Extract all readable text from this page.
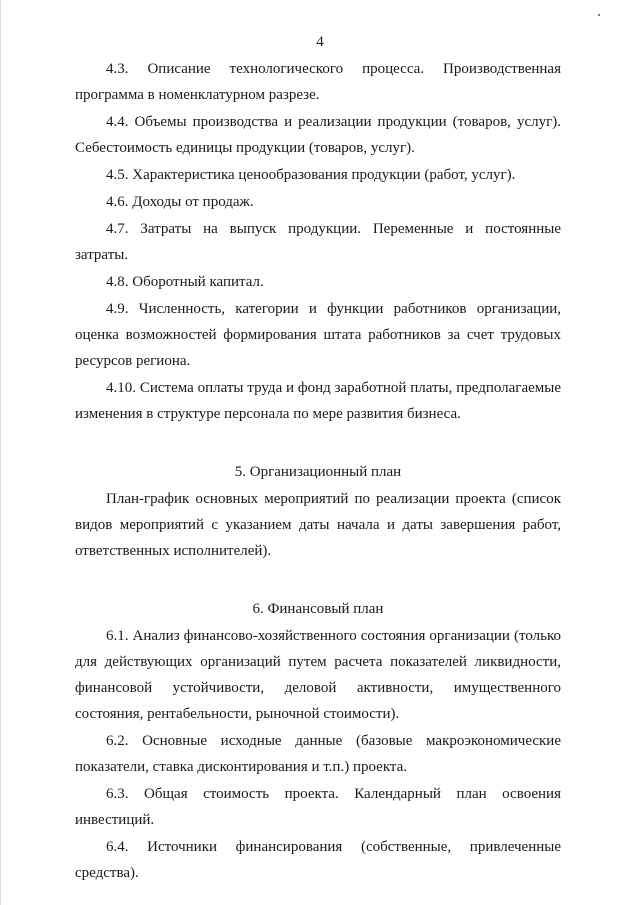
4

4.3. Описание технологического процесса. Производственная программа в номенклатурном разрезе.

4.4. Объемы производства и реализации продукции (товаров, услуг). Себестоимость единицы продукции (товаров, услуг).

4.5. Характеристика ценообразования продукции (работ, услуг).

4.6. Доходы от продаж.

4.7. Затраты на выпуск продукции. Переменные и постоянные затраты.

4.8. Оборотный капитал.

4.9. Численность, категории и функции работников организации, оценка возможностей формирования штата работников за счет трудовых ресурсов региона.

4.10. Система оплаты труда и фонд заработной платы, предполагаемые изменения в структуре персонала по мере развития бизнеса.

5. Организационный план

План-график основных мероприятий по реализации проекта (список видов мероприятий с указанием даты начала и даты завершения работ, ответственных исполнителей).

6. Финансовый план

6.1. Анализ финансово-хозяйственного состояния организации (только для действующих организаций путем расчета показателей ликвидности, финансовой устойчивости, деловой активности, имущественного состояния, рентабельности, рыночной стоимости).

6.2. Основные исходные данные (базовые макроэкономические показатели, ставка дисконтирования и т.п.) проекта.

6.3. Общая стоимость проекта. Календарный план освоения инвестиций.

6.4. Источники финансирования (собственные, привлеченные средства).
